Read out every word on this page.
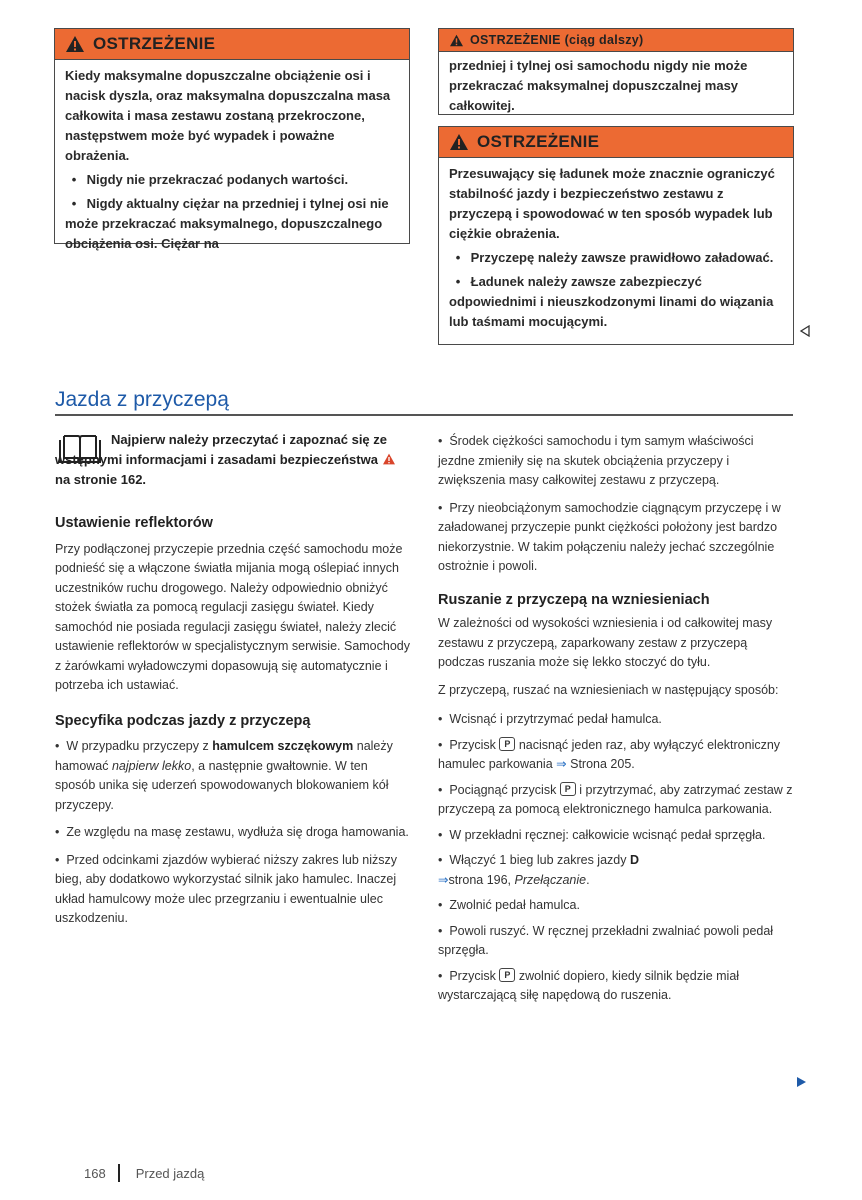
OSTRZEŻENIE

Kiedy maksymalne dopuszczalne obciążenie osi i nacisk dyszla, oraz maksymalna dopuszczalna masa całkowita i masa zestawu zostaną przekroczone, następstwem może być wypadek i poważne obrażenia.

• Nigdy nie przekraczać podanych wartości.

• Nigdy aktualny ciężar na przedniej i tylnej osi nie może przekraczać maksymalnego, dopuszczalnego obciążenia osi. Ciężar na

OSTRZEŻENIE (ciąg dalszy)

przedniej i tylnej osi samochodu nigdy nie może przekraczać maksymalnej dopuszczalnej masy całkowitej.

OSTRZEŻENIE

Przesuwający się ładunek może znacznie ograniczyć stabilność jazdy i bezpieczeństwo zestawu z przyczepą i spowodować w ten sposób wypadek lub ciężkie obrażenia.

• Przyczepę należy zawsze prawidłowo załadować.

• Ładunek należy zawsze zabezpieczyć odpowiednimi i nieuszkodzonymi linami do wiązania lub taśmami mocującymi.

Jazda z przyczepą

Najpierw należy przeczytać i zapoznać się ze wstępnymi informacjami i zasadami bezpieczeństwa  na stronie 162.

Ustawienie reflektorów

Przy podłączonej przyczepie przednia część samochodu może podnieść się a włączone światła mijania mogą oślepiać innych uczestników ruchu drogowego. Należy odpowiednio obniżyć stożek światła za pomocą regulacji zasięgu świateł. Kiedy samochód nie posiada regulacji zasięgu świateł, należy zlecić ustawienie reflektorów w specjalistycznym serwisie. Samochody z żarówkami wyładowczymi dopasowują się automatycznie i potrzeba ich ustawiać.

Specyfika podczas jazdy z przyczepą

•  W przypadku przyczepy z hamulcem szczękowym należy hamować najpierw lekko, a następnie gwałtownie. W ten sposób unika się uderzeń spowodowanych blokowaniem kół przyczepy.

•  Ze względu na masę zestawu, wydłuża się droga hamowania.

•  Przed odcinkami zjazdów wybierać niższy zakres lub niższy bieg, aby dodatkowo wykorzystać silnik jako hamulec. Inaczej układ hamulcowy może ulec przegrzaniu i ewentualnie ulec uszkodzeniu.

•  Środek ciężkości samochodu i tym samym właściwości jezdne zmieniły się na skutek obciążenia przyczepy i zwiększenia masy całkowitej zestawu z przyczepą.

•  Przy nieobciążonym samochodzie ciągnącym przyczepę i w załadowanej przyczepie punkt ciężkości położony jest bardzo niekorzystnie. W takim połączeniu należy jechać szczególnie ostrożnie i powoli.

Ruszanie z przyczepą na wzniesieniach

W zależności od wysokości wzniesienia i od całkowitej masy zestawu z przyczepą, zaparkowany zestaw z przyczepą podczas ruszania może się lekko stoczyć do tyłu.

Z przyczepą, ruszać na wzniesieniach w następujący sposób:

•  Wcisnąć i przytrzymać pedał hamulca.

•  Przycisk P nacisnąć jeden raz, aby wyłączyć elektroniczny hamulec parkowania ⇒ Strona 205.

•  Pociągnąć przycisk P i przytrzymać, aby zatrzymać zestaw z przyczepą za pomocą elektronicznego hamulca parkowania.

•  W przekładni ręcznej: całkowicie wcisnąć pedał sprzęgła.

•  Włączyć 1 bieg lub zakres jazdy D
⇒strona 196, Przełączanie.

•  Zwolnić pedał hamulca.

•  Powoli ruszyć. W ręcznej przekładni zwalniać powoli pedał sprzęgła.

•  Przycisk P zwolnić dopiero, kiedy silnik będzie miał wystarczającą siłę napędową do ruszenia.

168 Przed jazdą
